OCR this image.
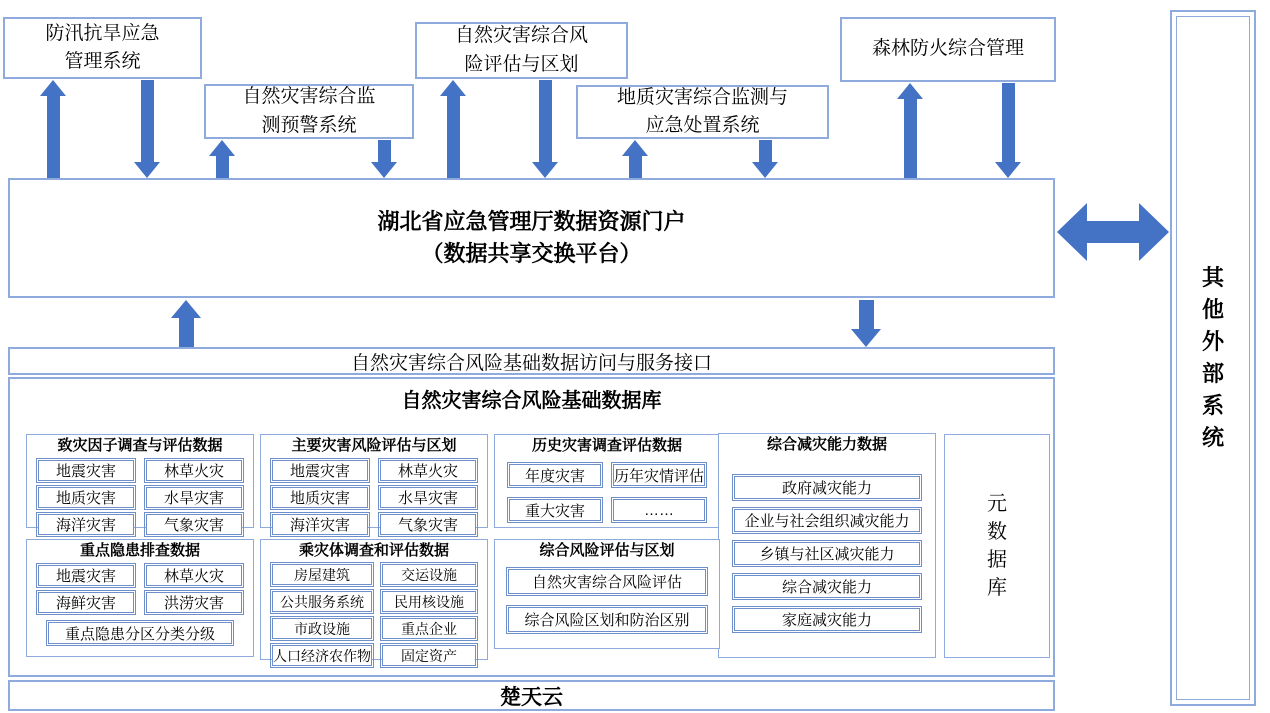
防汛抗旱应急
管理系统
自然灾害综合监
测预警系统
自然灾害综合风
险评估与区划
地质灾害综合监测与
应急处置系统
森林防火综合管理
湖北省应急管理厅数据资源门户
（数据共享交换平台）
其他外部系统
自然灾害综合风险基础数据访问与服务接口
自然灾害综合风险基础数据库
致灾因子调查与评估数据
地震灾害	林草火灾
地质灾害	水旱灾害
海洋灾害	气象灾害
主要灾害风险评估与区划
地震灾害	林草火灾
地质灾害	水旱灾害
海洋灾害	气象灾害
历史灾害调查评估数据
年度灾害	历年灾情评估
重大灾害	……
综合减灾能力数据
政府减灾能力
企业与社会组织减灾能力
乡镇与社区减灾能力
综合减灾能力
家庭减灾能力
重点隐患排查数据
地震灾害	林草火灾
海鲜灾害	洪涝灾害
重点隐患分区分类分级
乘灾体调查和评估数据
房屋建筑	交运设施
公共服务系统	民用核设施
市政设施	重点企业
人口经济农作物	固定资产
综合风险评估与区划
自然灾害综合风险评估
综合风险区划和防治区别
元数据库
楚天云
